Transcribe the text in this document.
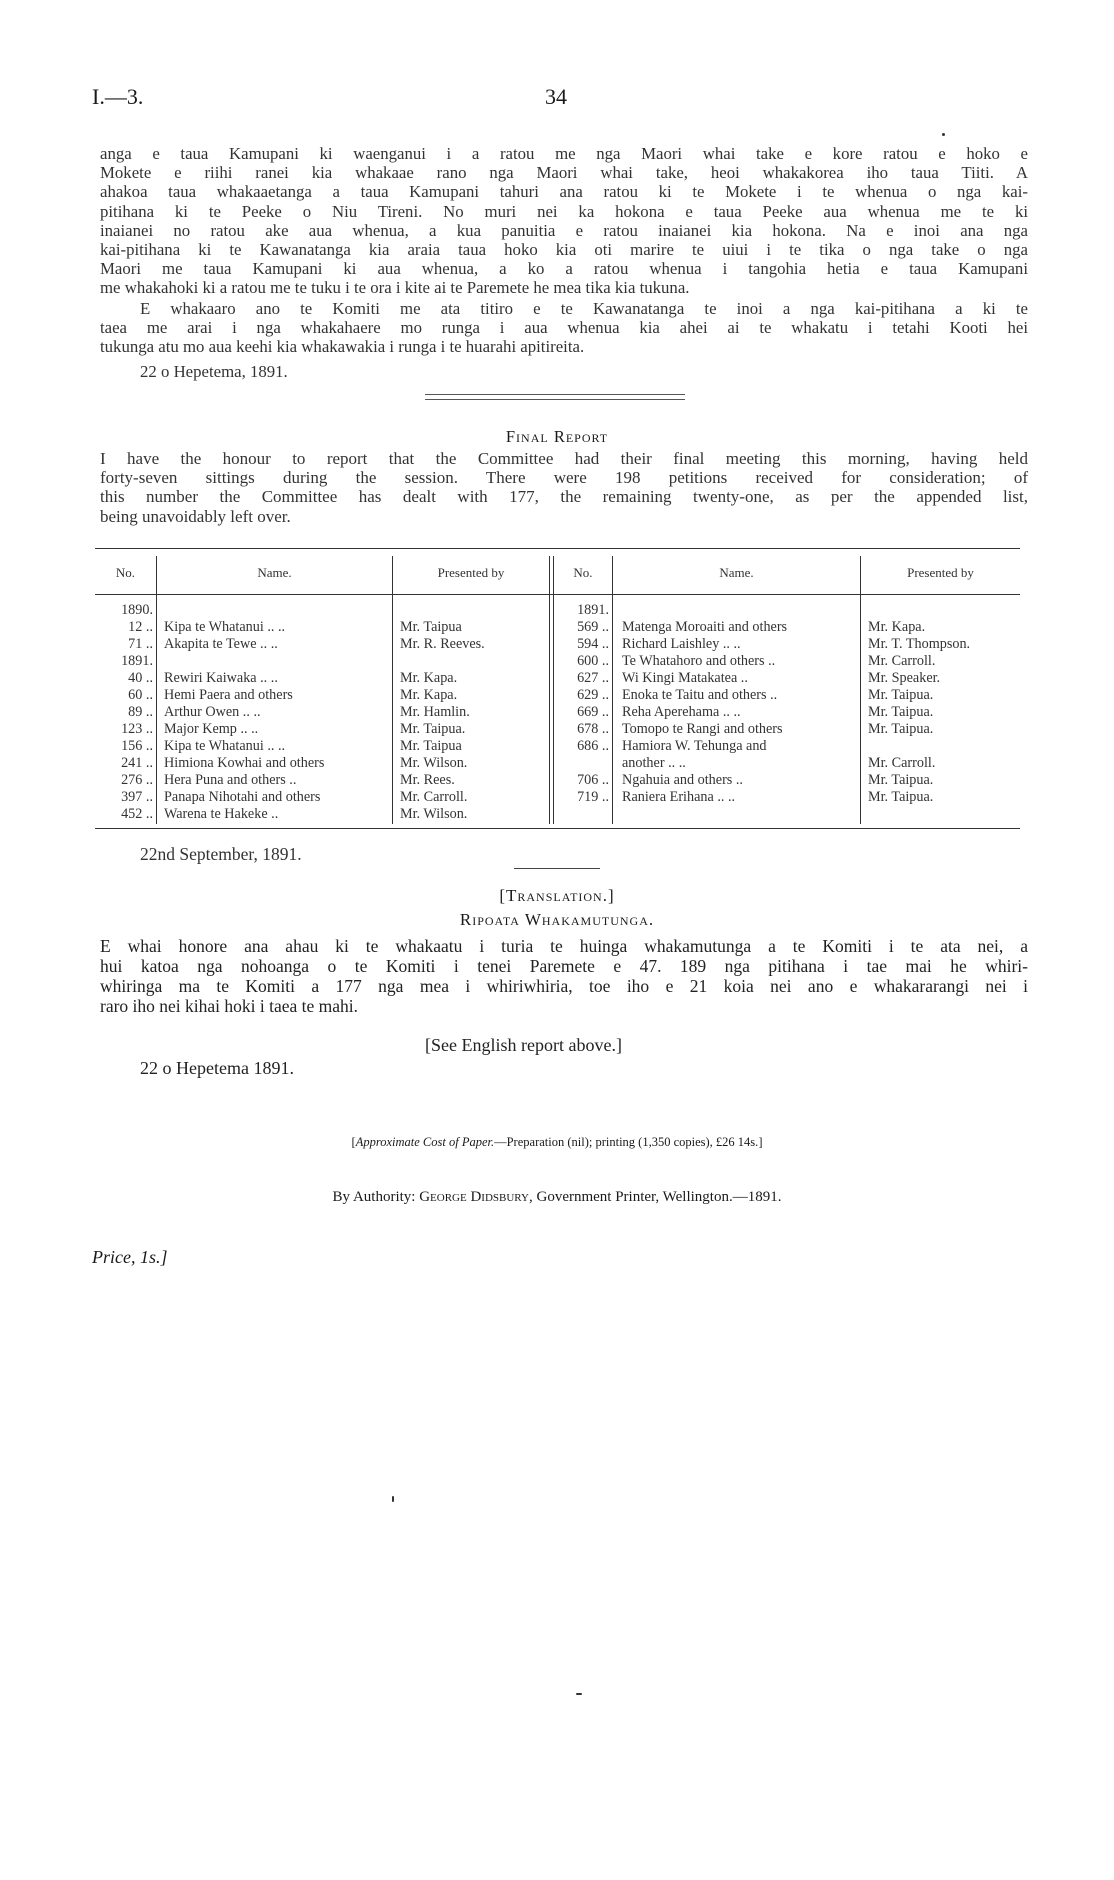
I.—3.	34
anga e taua Kamupani ki waenganui i a ratou me nga Maori whai take e kore ratou e hoko e
Mokete e riihi ranei kia whakaae rano nga Maori whai take, heoi whakakorea iho taua Tiiti. A
ahakoa taua whakaaetanga a taua Kamupani tahuri ana ratou ki te Mokete i te whenua o nga kai-
pitihana ki te Peeke o Niu Tireni. No muri nei ka hokona e taua Peeke aua whenua me te ki
inaianei no ratou ake aua whenua, a kua panuitia e ratou inaianei kia hokona. Na e inoi ana nga
kai-pitihana ki te Kawanatanga kia araia taua hoko kia oti marire te uiui i te tika o nga take o nga
Maori me taua Kamupani ki aua whenua, a ko a ratou whenua i tangohia hetia e taua Kamupani
me whakahoki ki a ratou me te tuku i te ora i kite ai te Paremete he mea tika kia tukuna.
E whakaaro ano te Komiti me ata titiro e te Kawanatanga te inoi a nga kai-pitihana a ki te
taea me arai i nga whakahaere mo runga i aua whenua kia ahei ai te whakatu i tetahi Kooti hei
tukunga atu mo aua keehi kia whakawakia i runga i te huarahi apitireita.
22 o Hepetema, 1891.
Final Report
I have the honour to report that the Committee had their final meeting this morning, having held
forty-seven sittings during the session. There were 198 petitions received for consideration; of
this number the Committee has dealt with 177, the remaining twenty-one, as per the appended list,
being unavoidably left over.
No.	Name.	Presented by	No.	Name.	Presented by
1890.
12 .. Kipa te Whatanui .. ..	Mr. Taipua
71 .. Akapita te Tewe .. ..	Mr. R. Reeves.
1891.
40 .. Rewiri Kaiwaka .. ..	Mr. Kapa.
60 .. Hemi Paera and others	Mr. Kapa.
89 .. Arthur Owen .. ..	Mr. Hamlin.
123 .. Major Kemp .. ..	Mr. Taipua.
156 .. Kipa te Whatanui .. ..	Mr. Taipua
241 .. Himiona Kowhai and others	Mr. Wilson.
276 .. Hera Puna and others ..	Mr. Rees.
397 .. Panapa Nihotahi and others	Mr. Carroll.
452 .. Warena te Hakeke ..	Mr. Wilson.
1891.
569 .. Matenga Moroaiti and others	Mr. Kapa.
594 .. Richard Laishley .. ..	Mr. T. Thompson.
600 .. Te Whatahoro and others ..	Mr. Carroll.
627 .. Wi Kingi Matakatea ..	Mr. Speaker.
629 .. Enoka te Taitu and others ..	Mr. Taipua.
669 .. Reha Aperehama .. ..	Mr. Taipua.
678 .. Tomopo te Rangi and others	Mr. Taipua.
686 .. Hamiora W. Tehunga and
another .. ..	Mr. Carroll.
706 .. Ngahuia and others ..	Mr. Taipua.
719 .. Raniera Erihana .. ..	Mr. Taipua.
22nd September, 1891.
[Translation.]
Ripoata Whakamutunga.
E whai honore ana ahau ki te whakaatu i turia te huinga whakamutunga a te Komiti i te ata nei, a
hui katoa nga nohoanga o te Komiti i tenei Paremete e 47. 189 nga pitihana i tae mai he whiri-
whiringa ma te Komiti a 177 nga mea i whiriwhiria, toe iho e 21 koia nei ano e whakararangi nei i
raro iho nei kihai hoki i taea te mahi.
[See English report above.]
22 o Hepetema 1891.
[Approximate Cost of Paper.—Preparation (nil); printing (1,350 copies), £26 14s.]
By Authority: George Didsbury, Government Printer, Wellington.—1891.
Price, 1s.]
